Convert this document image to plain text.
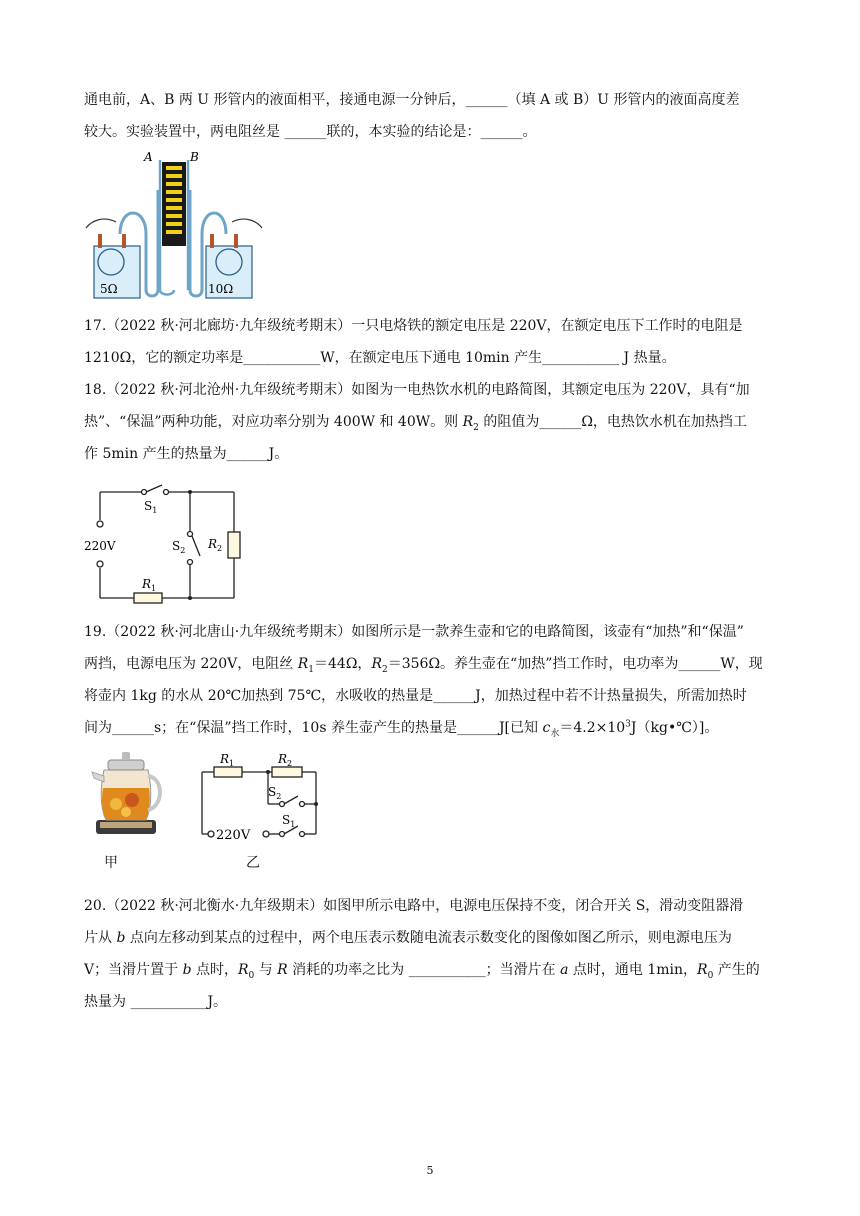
通电前，A、B 两 U 形管内的液面相平，接通电源一分钟后，______（填 A 或 B）U 形管内的液面高度差
较大。实验装置中，两电阻丝是 ______联的，本实验的结论是：______。
A	B
5Ω	10Ω
17.（2022 秋·河北廊坊·九年级统考期末）一只电烙铁的额定电压是 220V，在额定电压下工作时的电阻是
1210Ω，它的额定功率是___________W，在额定电压下通电 10min 产生___________ J 热量。
18.（2022 秋·河北沧州·九年级统考期末）如图为一电热饮水机的电路简图，其额定电压为 220V，具有“加
热”、“保温”两种功能，对应功率分别为 400W 和 40W。则 $R_2$ 的阻值为______Ω，电热饮水机在加热挡工
作 5min 产生的热量为______J。
220V
$S_1$
$S_2$ $R_2$
$R_1$
19.（2022 秋·河北唐山·九年级统考期末）如图所示是一款养生壶和它的电路简图，该壶有“加热”和“保温”
两挡，电源电压为 220V，电阻丝 $R_1=44\Omega$，$R_2=356\Omega$。养生壶在“加热”挡工作时，电功率为______W，现
将壶内 1kg 的水从 20℃加热到 75℃，水吸收的热量是______J，加热过程中若不计热量损失，所需加热时
间为______s；在“保温”挡工作时，10s 养生壶产生的热量是______J[已知 $c_水=4.2\times 10^3J(kg•℃)$]。
甲
220V
$R_1$	$R_2$
$S_2$
$S_1$
乙
20.（2022 秋·河北衡水·九年级期末）如图甲所示电路中，电源电压保持不变，闭合开关 S，滑动变阻器滑
片从 b 点向左移动到某点的过程中，两个电压表示数随电流表示数变化的图像如图乙所示，则电源电压为
V；当滑片置于 b 点时，$R_0$ 与 R 消耗的功率之比为 ___________；当滑片在 a 点时，通电 1min，$R_0$ 产生的
热量为 ___________J。
5
